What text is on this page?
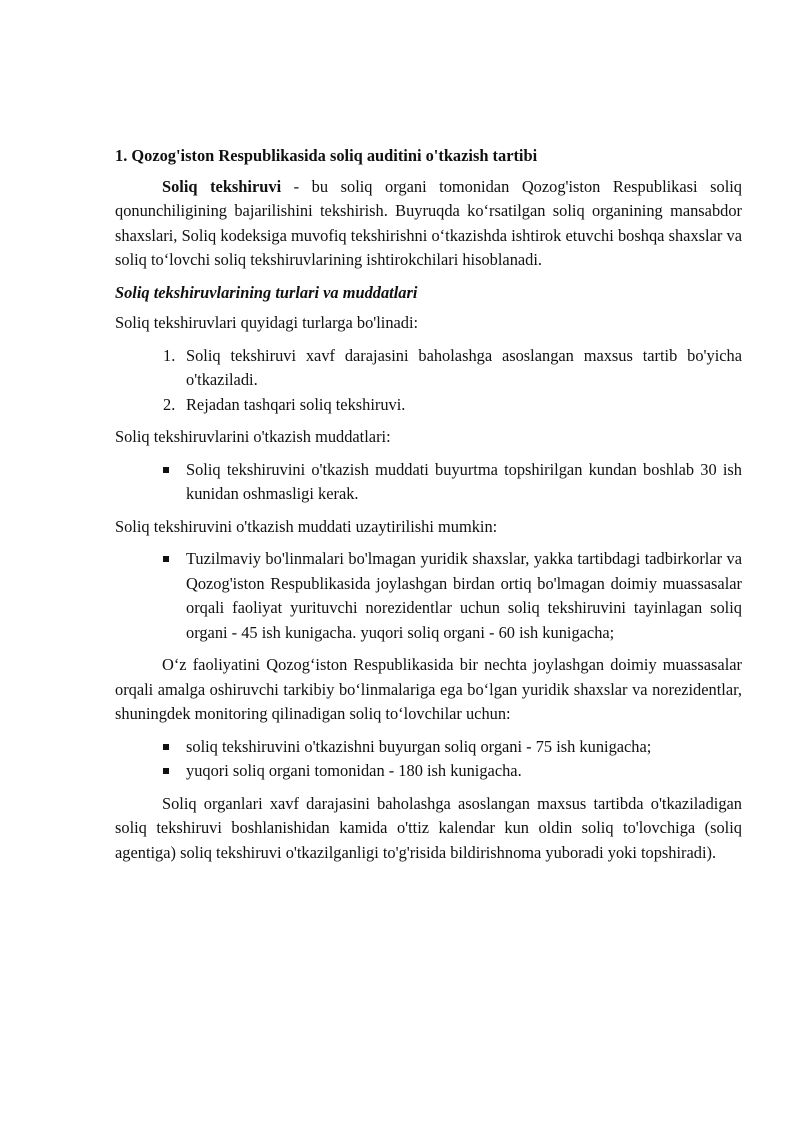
1. Qozog'iston Respublikasida soliq auditini o'tkazish tartibi

Soliq tekshiruvi - bu soliq organi tomonidan Qozog'iston Respublikasi soliq qonunchiligining bajarilishini tekshirish. Buyruqda ko‘rsatilgan soliq organining mansabdor shaxslari, Soliq kodeksiga muvofiq tekshirishni o‘tkazishda ishtirok etuvchi boshqa shaxslar va soliq to‘lovchi soliq tekshiruvlarining ishtirokchilari hisoblanadi.

Soliq tekshiruvlarining turlari va muddatlari

Soliq tekshiruvlari quyidagi turlarga bo'linadi:

1. Soliq tekshiruvi xavf darajasini baholashga asoslangan maxsus tartib bo'yicha o'tkaziladi.
2. Rejadan tashqari soliq tekshiruvi.

Soliq tekshiruvlarini o'tkazish muddatlari:

Soliq tekshiruvini o'tkazish muddati buyurtma topshirilgan kundan boshlab 30 ish kunidan oshmasligi kerak.

Soliq tekshiruvini o'tkazish muddati uzaytirilishi mumkin:

Tuzilmaviy bo'linmalari bo'lmagan yuridik shaxslar, yakka tartibdagi tadbirkorlar va Qozog'iston Respublikasida joylashgan birdan ortiq bo'lmagan doimiy muassasalar orqali faoliyat yurituvchi norezidentlar uchun soliq tekshiruvini tayinlagan soliq organi - 45 ish kunigacha. yuqori soliq organi - 60 ish kunigacha;

O‘z faoliyatini Qozog‘iston Respublikasida bir nechta joylashgan doimiy muassasalar orqali amalga oshiruvchi tarkibiy bo‘linmalariga ega bo‘lgan yuridik shaxslar va norezidentlar, shuningdek monitoring qilinadigan soliq to‘lovchilar uchun:

soliq tekshiruvini o'tkazishni buyurgan soliq organi - 75 ish kunigacha;
yuqori soliq organi tomonidan - 180 ish kunigacha.

Soliq organlari xavf darajasini baholashga asoslangan maxsus tartibda o'tkaziladigan soliq tekshiruvi boshlanishidan kamida o'ttiz kalendar kun oldin soliq to'lovchiga (soliq agentiga) soliq tekshiruvi o'tkazilganligi to'g'risida bildirishnoma yuboradi yoki topshiradi).
